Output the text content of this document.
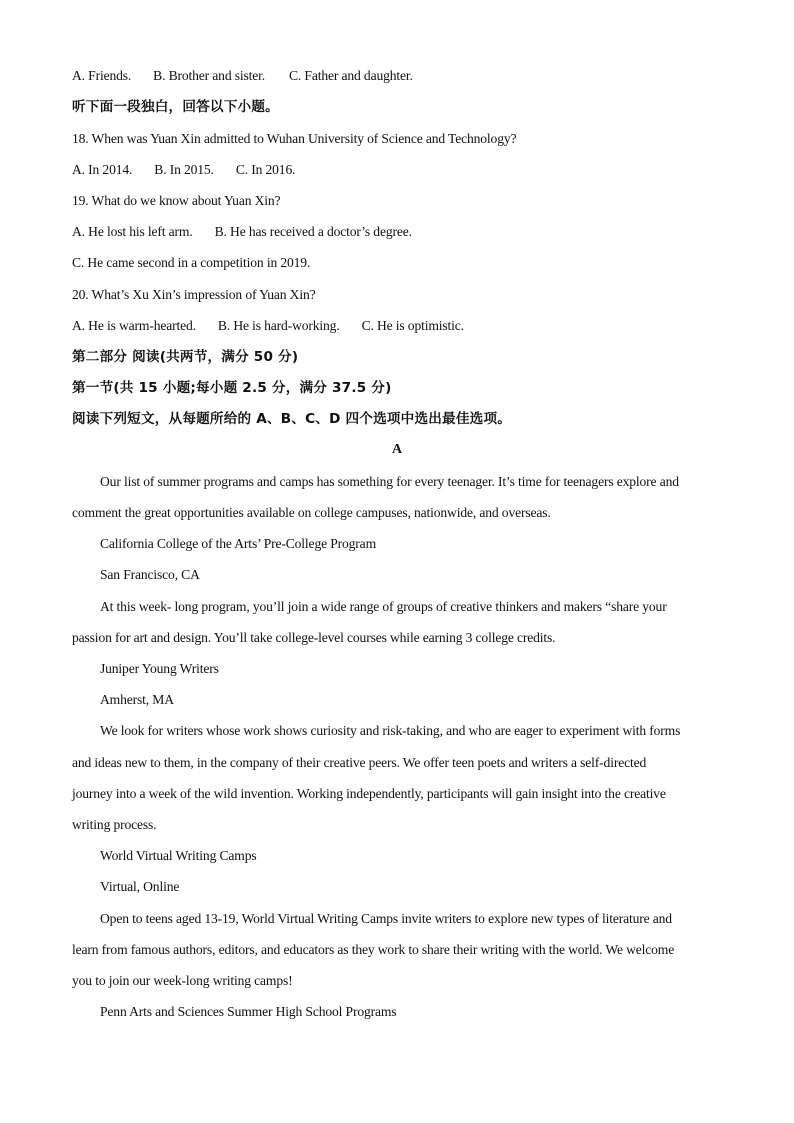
A. Friends. B. Brother and sister. C. Father and daughter.
听下面一段独白，回答以下小题。
18. When was Yuan Xin admitted to Wuhan University of Science and Technology?
A. In 2014. B. In 2015. C. In 2016.
19. What do we know about Yuan Xin?
A. He lost his left arm. B. He has received a doctor’s degree.
C. He came second in a competition in 2019.
20. What’s Xu Xin’s impression of Yuan Xin?
A. He is warm-hearted. B. He is hard-working. C. He is optimistic.
第二部分 阅读(共两节，满分 50 分)
第一节(共 15 小题;每小题 2.5 分，满分 37.5 分)
阅读下列短文，从每题所给的 A、B、C、D 四个选项中选出最佳选项。
A
Our list of summer programs and camps has something for every teenager. It’s time for teenagers explore and
comment the great opportunities available on college campuses, nationwide, and overseas.
California College of the Arts’ Pre-College Program
San Francisco, CA
At this week- long program, you’ll join a wide range of groups of creative thinkers and makers “share your
passion for art and design. You’ll take college-level courses while earning 3 college credits.
Juniper Young Writers
Amherst, MA
We look for writers whose work shows curiosity and risk-taking, and who are eager to experiment with forms
and ideas new to them, in the company of their creative peers. We offer teen poets and writers a self-directed
journey into a week of the wild invention. Working independently, participants will gain insight into the creative
writing process.
World Virtual Writing Camps
Virtual, Online
Open to teens aged 13-19, World Virtual Writing Camps invite writers to explore new types of literature and
learn from famous authors, editors, and educators as they work to share their writing with the world. We welcome
you to join our week-long writing camps!
Penn Arts and Sciences Summer High School Programs
